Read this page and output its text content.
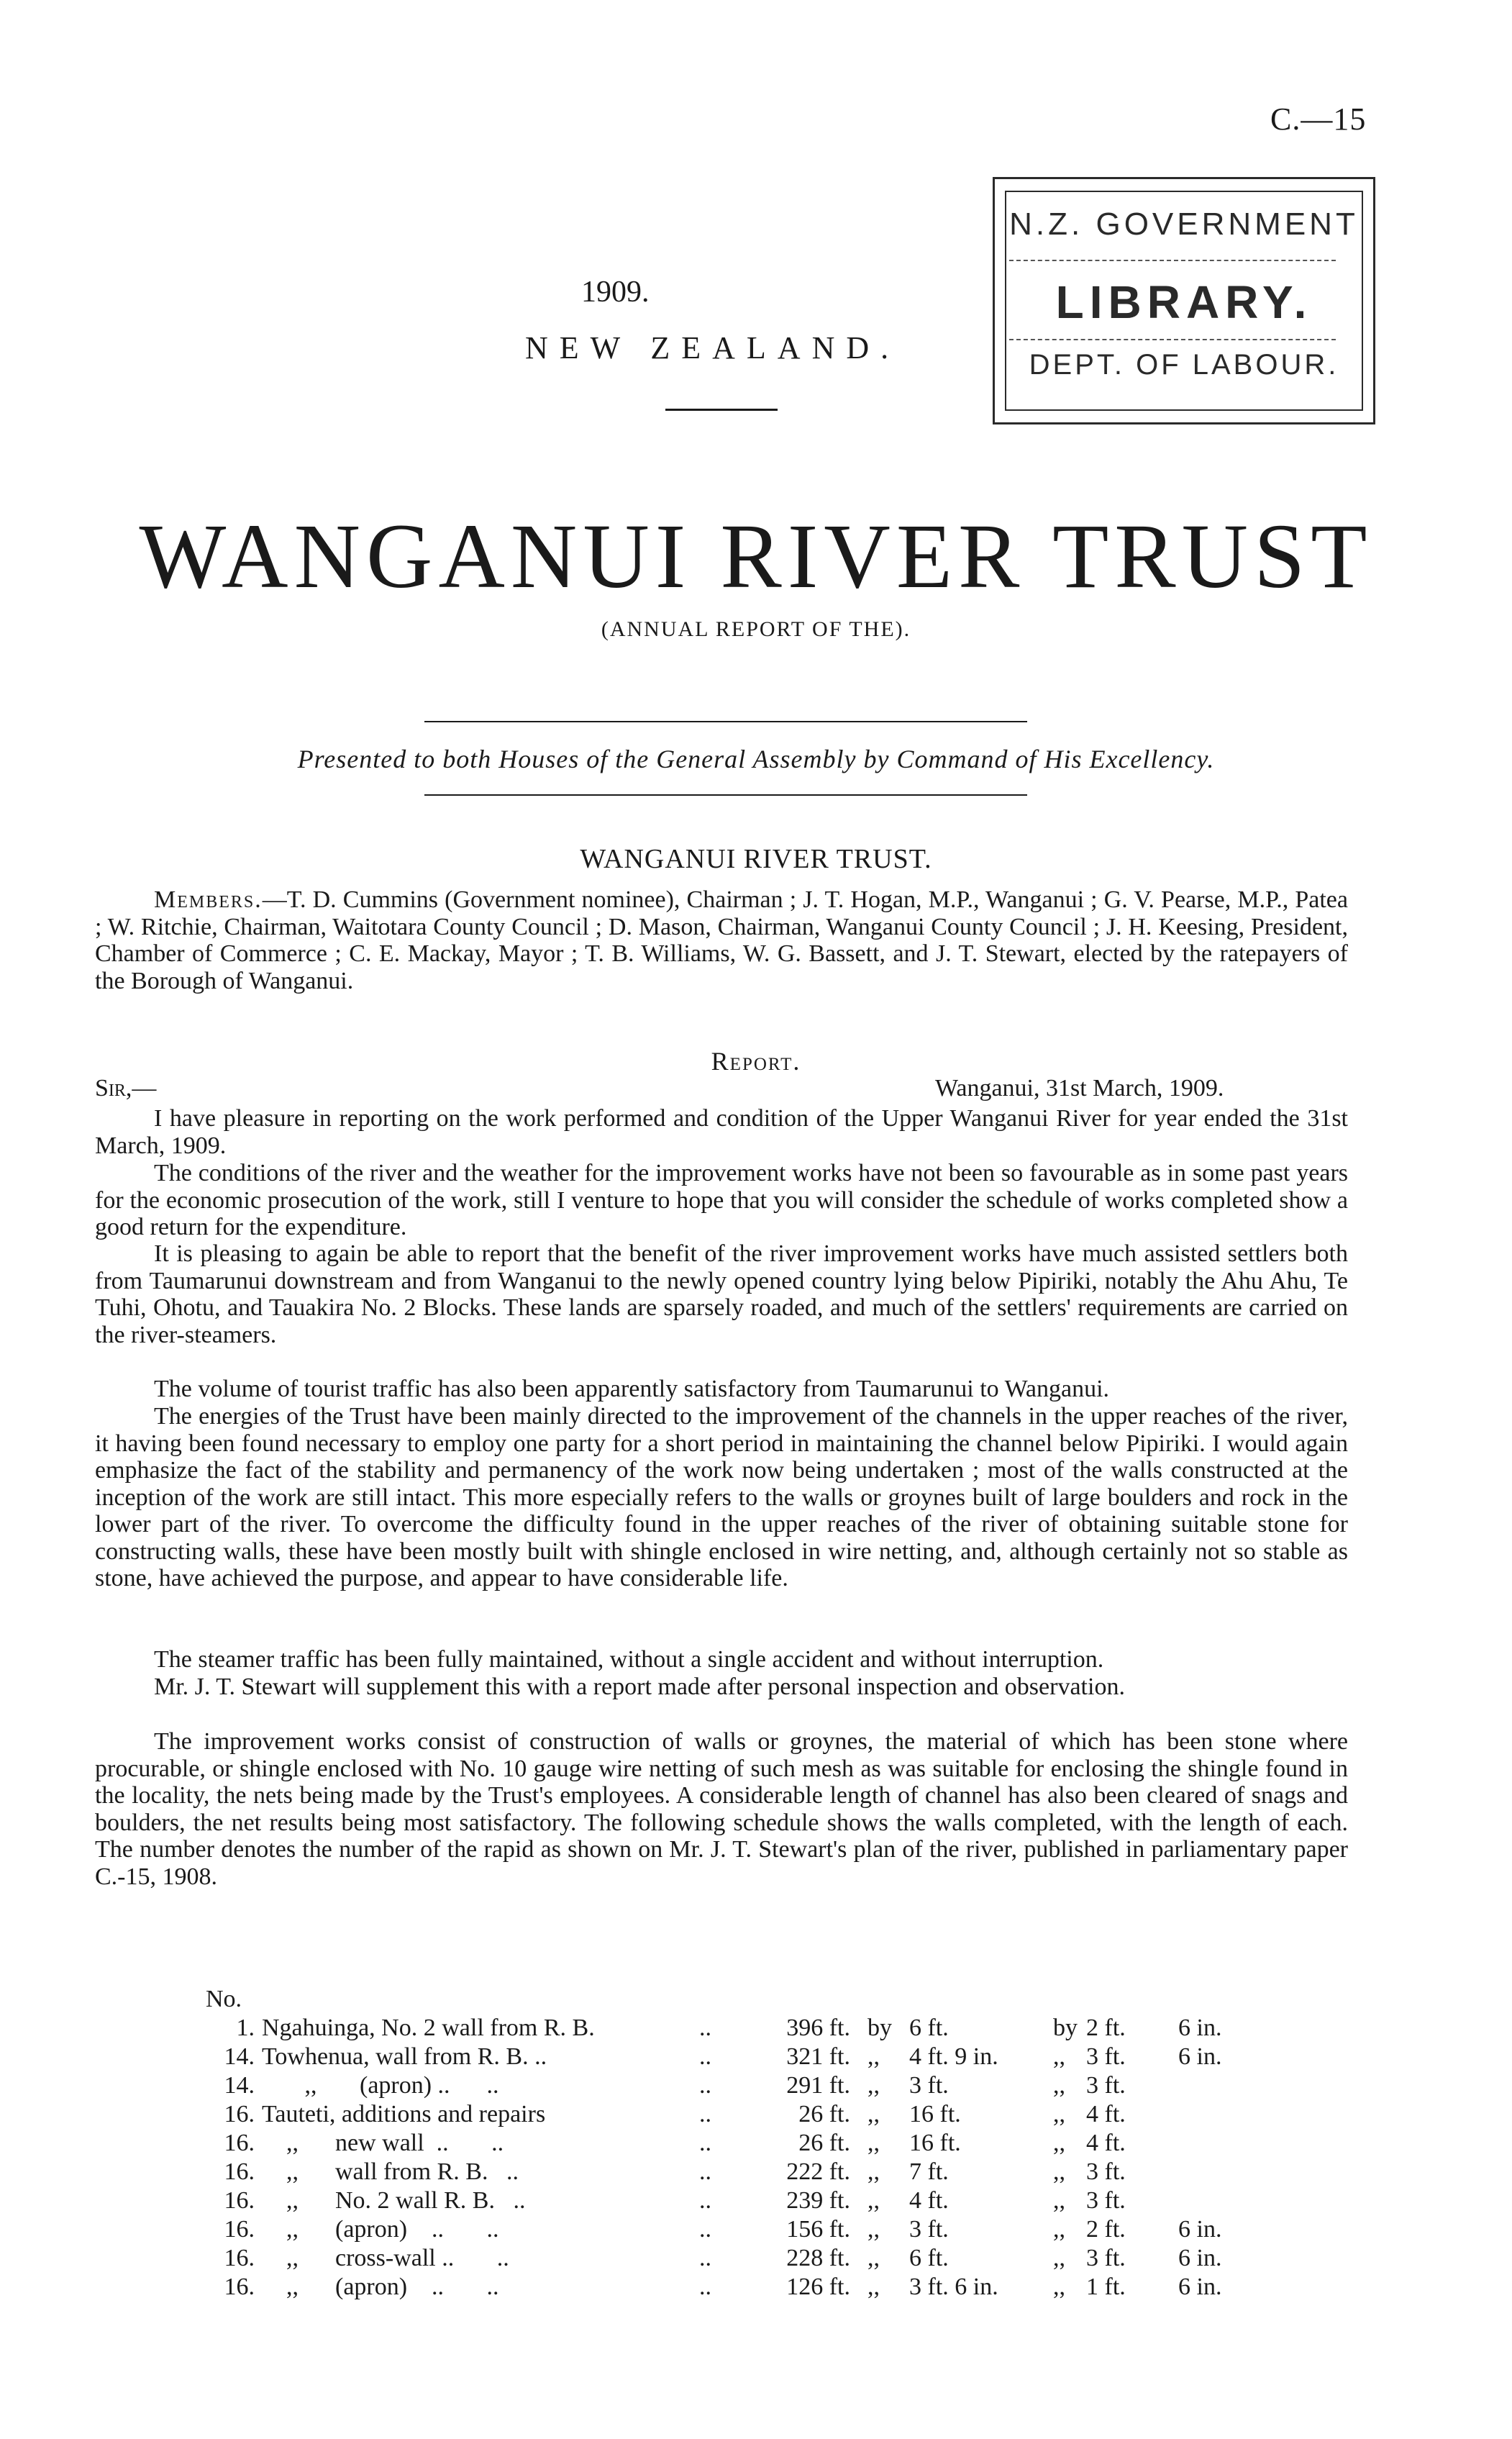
C.—15
1909.
NEW ZEALAND.
N.Z. GOVERNMENT
LIBRARY.
DEPT. OF LABOUR.
WANGANUI RIVER TRUST
(ANNUAL REPORT OF THE).
Presented to both Houses of the General Assembly by Command of His Excellency.
WANGANUI RIVER TRUST.
Members.—T. D. Cummins (Government nominee), Chairman ; J. T. Hogan, M.P., Wanganui ; G. V. Pearse, M.P., Patea ; W. Ritchie, Chairman, Waitotara County Council ; D. Mason, Chairman, Wanganui County Council ; J. H. Keesing, President, Chamber of Commerce ; C. E. Mackay, Mayor ; T. B. Williams, W. G. Bassett, and J. T. Stewart, elected by the ratepayers of the Borough of Wanganui.
Report.
Sir,—	Wanganui, 31st March, 1909.
I have pleasure in reporting on the work performed and condition of the Upper Wanganui River for year ended the 31st March, 1909.
The conditions of the river and the weather for the improvement works have not been so favourable as in some past years for the economic prosecution of the work, still I venture to hope that you will consider the schedule of works completed show a good return for the expenditure.
It is pleasing to again be able to report that the benefit of the river improvement works have much assisted settlers both from Taumarunui downstream and from Wanganui to the newly opened country lying below Pipiriki, notably the Ahu Ahu, Te Tuhi, Ohotu, and Tauakira No. 2 Blocks. These lands are sparsely roaded, and much of the settlers' requirements are carried on the river-steamers.
The volume of tourist traffic has also been apparently satisfactory from Taumarunui to Wanganui.
The energies of the Trust have been mainly directed to the improvement of the channels in the upper reaches of the river, it having been found necessary to employ one party for a short period in maintaining the channel below Pipiriki. I would again emphasize the fact of the stability and permanency of the work now being undertaken ; most of the walls constructed at the inception of the work are still intact. This more especially refers to the walls or groynes built of large boulders and rock in the lower part of the river. To overcome the difficulty found in the upper reaches of the river of obtaining suitable stone for constructing walls, these have been mostly built with shingle enclosed in wire netting, and, although certainly not so stable as stone, have achieved the purpose, and appear to have considerable life.
The steamer traffic has been fully maintained, without a single accident and without interruption.
Mr. J. T. Stewart will supplement this with a report made after personal inspection and observation.
The improvement works consist of construction of walls or groynes, the material of which has been stone where procurable, or shingle enclosed with No. 10 gauge wire netting of such mesh as was suitable for enclosing the shingle found in the locality, the nets being made by the Trust's employees. A considerable length of channel has also been cleared of snags and boulders, the net results being most satisfactory. The following schedule shows the walls completed, with the length of each. The number denotes the number of the rapid as shown on Mr. J. T. Stewart's plan of the river, published in parliamentary paper C.-15, 1908.
No.
1. Ngahuinga, No. 2 wall from R. B.	..	396 ft. by 6 ft.	by 2 ft. 6 in.
14. Towhenua, wall from R. B. ..	..	321 ft. ,, 4 ft. 9 in. ,, 3 ft. 6 in.
14. ,,       (apron) ..      ..	..	291 ft. ,, 3 ft.	,, 3 ft.
16. Tauteti, additions and repairs	..	26 ft. ,, 16 ft.	,, 4 ft.
16. ,,      new wall  ..       ..	..	26 ft. ,, 16 ft.	,, 4 ft.
16. ,,      wall from R. B.   ..	..	222 ft. ,, 7 ft.	,, 3 ft.
16. ,,      No. 2 wall R. B.   ..	..	239 ft. ,, 4 ft.	,, 3 ft.
16. ,,      (apron)    ..       ..	..	156 ft. ,, 3 ft.	,, 2 ft. 6 in.
16. ,,      cross-wall ..       ..	..	228 ft. ,, 6 ft.	,, 3 ft. 6 in.
16. ,,      (apron)    ..       ..	..	126 ft. ,, 3 ft. 6 in. ,, 1 ft. 6 in.
